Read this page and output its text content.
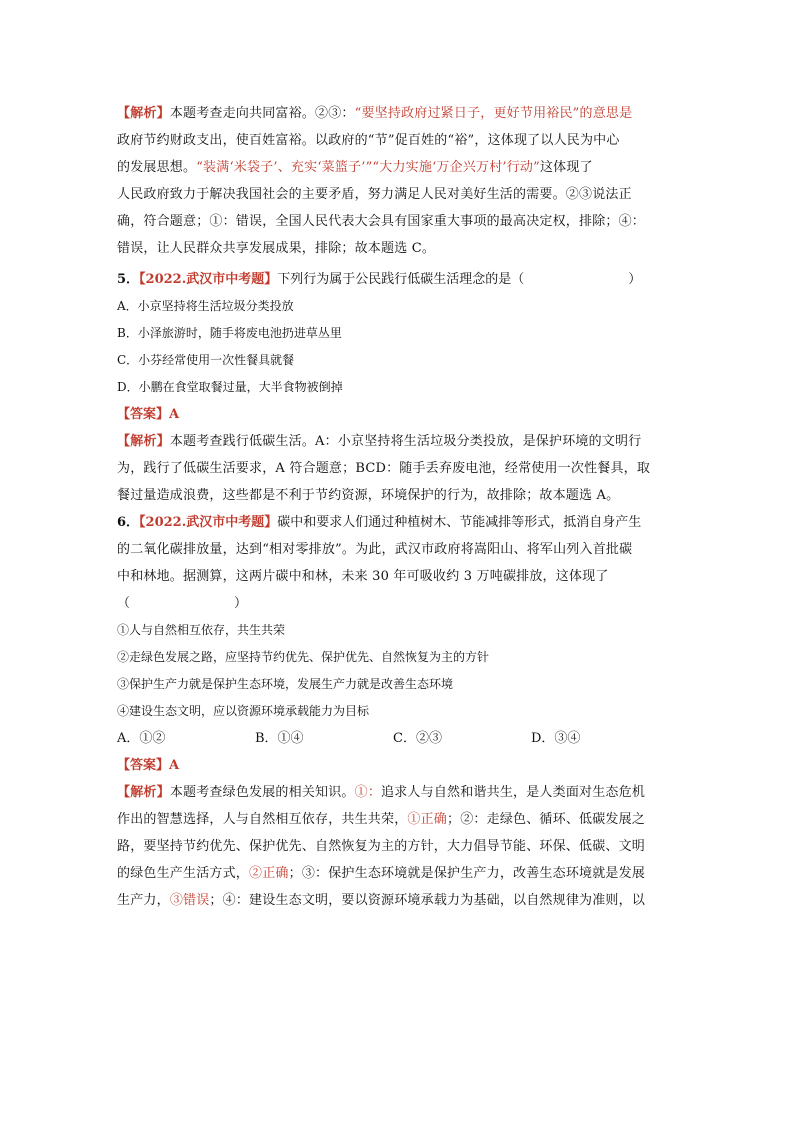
【解析】本题考查走向共同富裕。②③：“要坚持政府过紧日子，更好节用裕民”的意思是
政府节约财政支出，使百姓富裕。以政府的“节”促百姓的“裕”，这体现了以人民为中心
的发展思想。“装满‘米袋子’、充实‘菜篮子’”“大力实施‘万企兴万村’行动”这体现了
人民政府致力于解决我国社会的主要矛盾，努力满足人民对美好生活的需要。②③说法正
确，符合题意；①：错误，全国人民代表大会具有国家重大事项的最高决定权，排除；④：
错误，让人民群众共享发展成果，排除；故本题选 C。
5．【2022.武汉市中考题】下列行为属于公民践行低碳生活理念的是（　　　　　　　　）
A．小京坚持将生活垃圾分类投放
B．小泽旅游时，随手将废电池扔进草丛里
C．小芬经常使用一次性餐具就餐
D．小鹏在食堂取餐过量，大半食物被倒掉
【答案】A
【解析】本题考查践行低碳生活。A：小京坚持将生活垃圾分类投放，是保护环境的文明行
为，践行了低碳生活要求，A 符合题意；BCD：随手丢弃废电池，经常使用一次性餐具，取
餐过量造成浪费，这些都是不利于节约资源，环境保护的行为，故排除；故本题选 A。
6．【2022.武汉市中考题】碳中和要求人们通过种植树木、节能减排等形式，抵消自身产生
的二氧化碳排放量，达到“相对零排放”。为此，武汉市政府将嵩阳山、将军山列入首批碳
中和林地。据测算，这两片碳中和林，未来 30 年可吸收约 3 万吨碳排放，这体现了
（　　　　　　　　）
①人与自然相互依存，共生共荣
②走绿色发展之路，应坚持节约优先、保护优先、自然恢复为主的方针
③保护生产力就是保护生态环境，发展生产力就是改善生态环境
④建设生态文明，应以资源环境承载能力为目标
A．①②	B．①④	C．②③	D．③④
【答案】A
【解析】本题考查绿色发展的相关知识。①：追求人与自然和谐共生，是人类面对生态危机
作出的智慧选择，人与自然相互依存，共生共荣，①正确；②：走绿色、循环、低碳发展之
路，要坚持节约优先、保护优先、自然恢复为主的方针，大力倡导节能、环保、低碳、文明
的绿色生产生活方式，②正确；③：保护生态环境就是保护生产力，改善生态环境就是发展
生产力，③错误；④：建设生态文明，要以资源环境承载力为基础，以自然规律为准则，以
